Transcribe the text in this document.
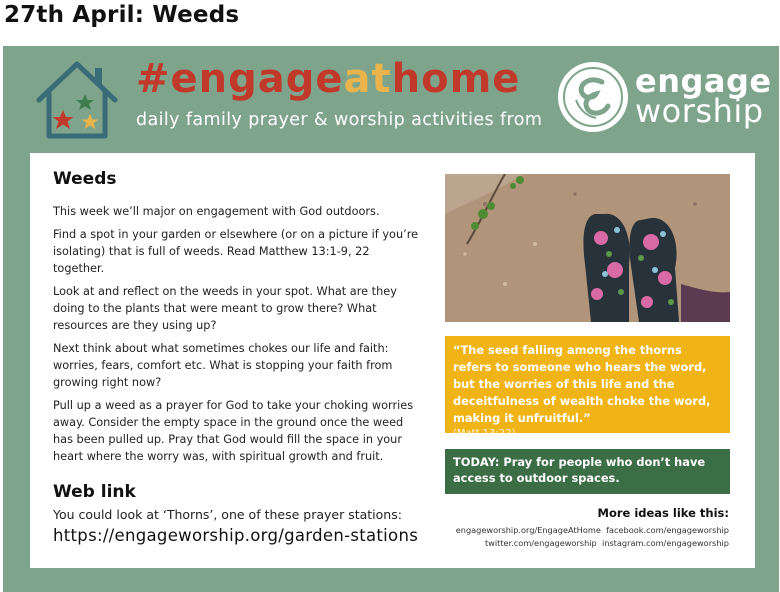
27th April: Weeds
#engageathome
daily family prayer & worship activities from
engage
worship
Weeds

This week we’ll major on engagement with God outdoors.

Find a spot in your garden or elsewhere (or on a picture if you’re isolating) that is full of weeds. Read Matthew 13:1-9, 22 together.

Look at and reflect on the weeds in your spot. What are they doing to the plants that were meant to grow there? What resources are they using up?

Next think about what sometimes chokes our life and faith: worries, fears, comfort etc. What is stopping your faith from growing right now?

Pull up a weed as a prayer for God to take your choking worries away. Consider the empty space in the ground once the weed has been pulled up. Pray that God would fill the space in your heart where the worry was, with spiritual growth and fruit.

Web link
You could look at ‘Thorns’, one of these prayer stations:
https://engageworship.org/garden-stations
“The seed falling among the thorns refers to someone who hears the word, but the worries of this life and the deceitfulness of wealth choke the word, making it unfruitful.”
(Matt 13:22)
TODAY: Pray for people who don’t have access to outdoor spaces.
More ideas like this:
engageworship.org/EngageAtHome facebook.com/engageworship
twitter.com/engageworship instagram.com/engageworship
